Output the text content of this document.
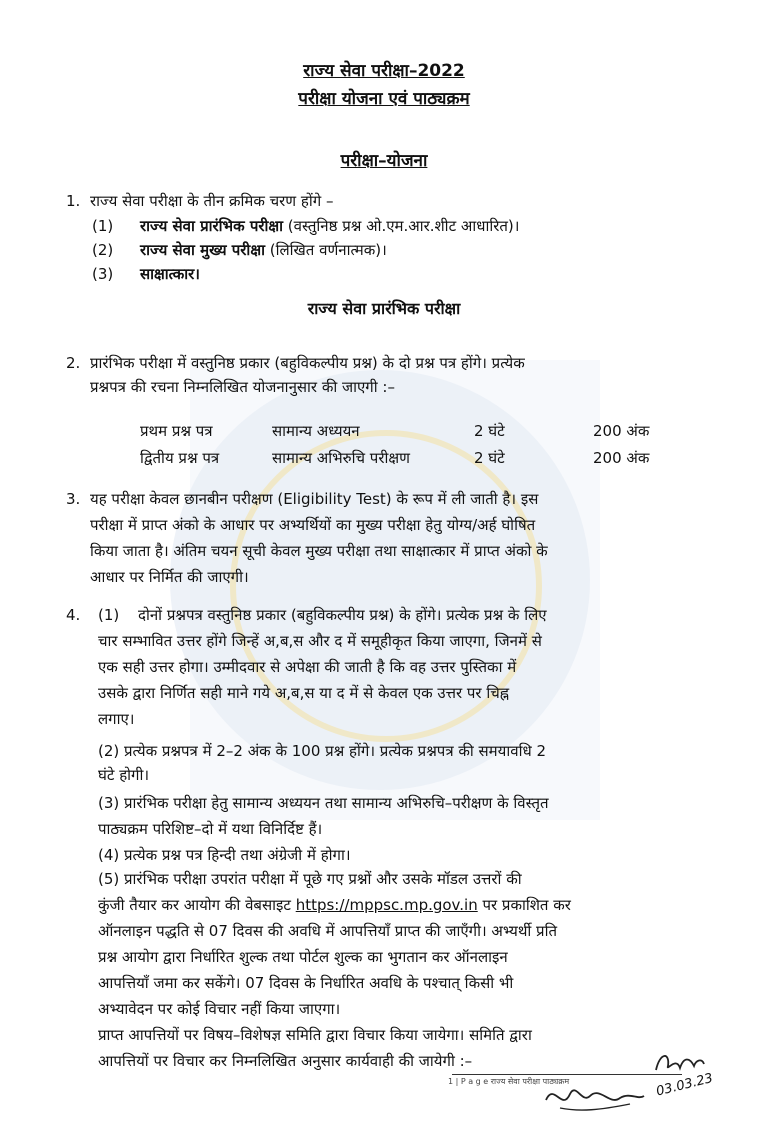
राज्य सेवा परीक्षा–2022
परीक्षा योजना एवं पाठ्यक्रम
परीक्षा–योजना
1. राज्य सेवा परीक्षा के तीन क्रमिक चरण होंगे –
(1) राज्य सेवा प्रारंभिक परीक्षा (वस्तुनिष्ठ प्रश्न ओ.एम.आर.शीट आधारित)।
(2) राज्य सेवा मुख्य परीक्षा (लिखित वर्णनात्मक)।
(3) साक्षात्कार।
राज्य सेवा प्रारंभिक परीक्षा
2. प्रारंभिक परीक्षा में वस्तुनिष्ठ प्रकार (बहुविकल्पीय प्रश्न) के दो प्रश्न पत्र होंगे। प्रत्येक
प्रश्नपत्र की रचना निम्नलिखित योजनानुसार की जाएगी :–
प्रथम प्रश्न पत्र	सामान्य अध्ययन	2 घंटे	200 अंक
द्वितीय प्रश्न पत्र	सामान्य अभिरुचि परीक्षण	2 घंटे	200 अंक
3. यह परीक्षा केवल छानबीन परीक्षण (Eligibility Test) के रूप में ली जाती है। इस
परीक्षा में प्राप्त अंको के आधार पर अभ्यर्थियों का मुख्य परीक्षा हेतु योग्य/अर्ह घोषित
किया जाता है। अंतिम चयन सूची केवल मुख्य परीक्षा तथा साक्षात्कार में प्राप्त अंको के
आधार पर निर्मित की जाएगी।
4. (1) दोनों प्रश्नपत्र वस्तुनिष्ठ प्रकार (बहुविकल्पीय प्रश्न) के होंगे। प्रत्येक प्रश्न के लिए
चार सम्भावित उत्तर होंगे जिन्हें अ,ब,स और द में समूहीकृत किया जाएगा, जिनमें से
एक सही उत्तर होगा। उम्मीदवार से अपेक्षा की जाती है कि वह उत्तर पुस्तिका में
उसके द्वारा निर्णित सही माने गये अ,ब,स या द में से केवल एक उत्तर पर चिह्न
लगाए।
(2) प्रत्येक प्रश्नपत्र में 2–2 अंक के 100 प्रश्न होंगे। प्रत्येक प्रश्नपत्र की समयावधि 2
घंटे होगी।
(3) प्रारंभिक परीक्षा हेतु सामान्य अध्ययन तथा सामान्य अभिरुचि–परीक्षण के विस्तृत
पाठ्यक्रम परिशिष्ट–दो में यथा विनिर्दिष्ट हैं।
(4) प्रत्येक प्रश्न पत्र हिन्दी तथा अंग्रेजी में होगा।
(5) प्रारंभिक परीक्षा उपरांत परीक्षा में पूछे गए प्रश्नों और उसके मॉडल उत्तरों की
कुंजी तैयार कर आयोग की वेबसाइट https://mppsc.mp.gov.in पर प्रकाशित कर
ऑनलाइन पद्धति से 07 दिवस की अवधि में आपत्तियाँ प्राप्त की जाएँगी। अभ्यर्थी प्रति
प्रश्न आयोग द्वारा निर्धारित शुल्क तथा पोर्टल शुल्क का भुगतान कर ऑनलाइन
आपत्तियाँ जमा कर सकेंगे। 07 दिवस के निर्धारित अवधि के पश्चात् किसी भी
अभ्यावेदन पर कोई विचार नहीं किया जाएगा।
प्राप्त आपत्तियों पर विषय–विशेषज्ञ समिति द्वारा विचार किया जायेगा। समिति द्वारा
आपत्तियों पर विचार कर निम्नलिखित अनुसार कार्यवाही की जायेगी :–
1 | P a g e राज्य सेवा परीक्षा पाठ्यक्रम	03.03.23
